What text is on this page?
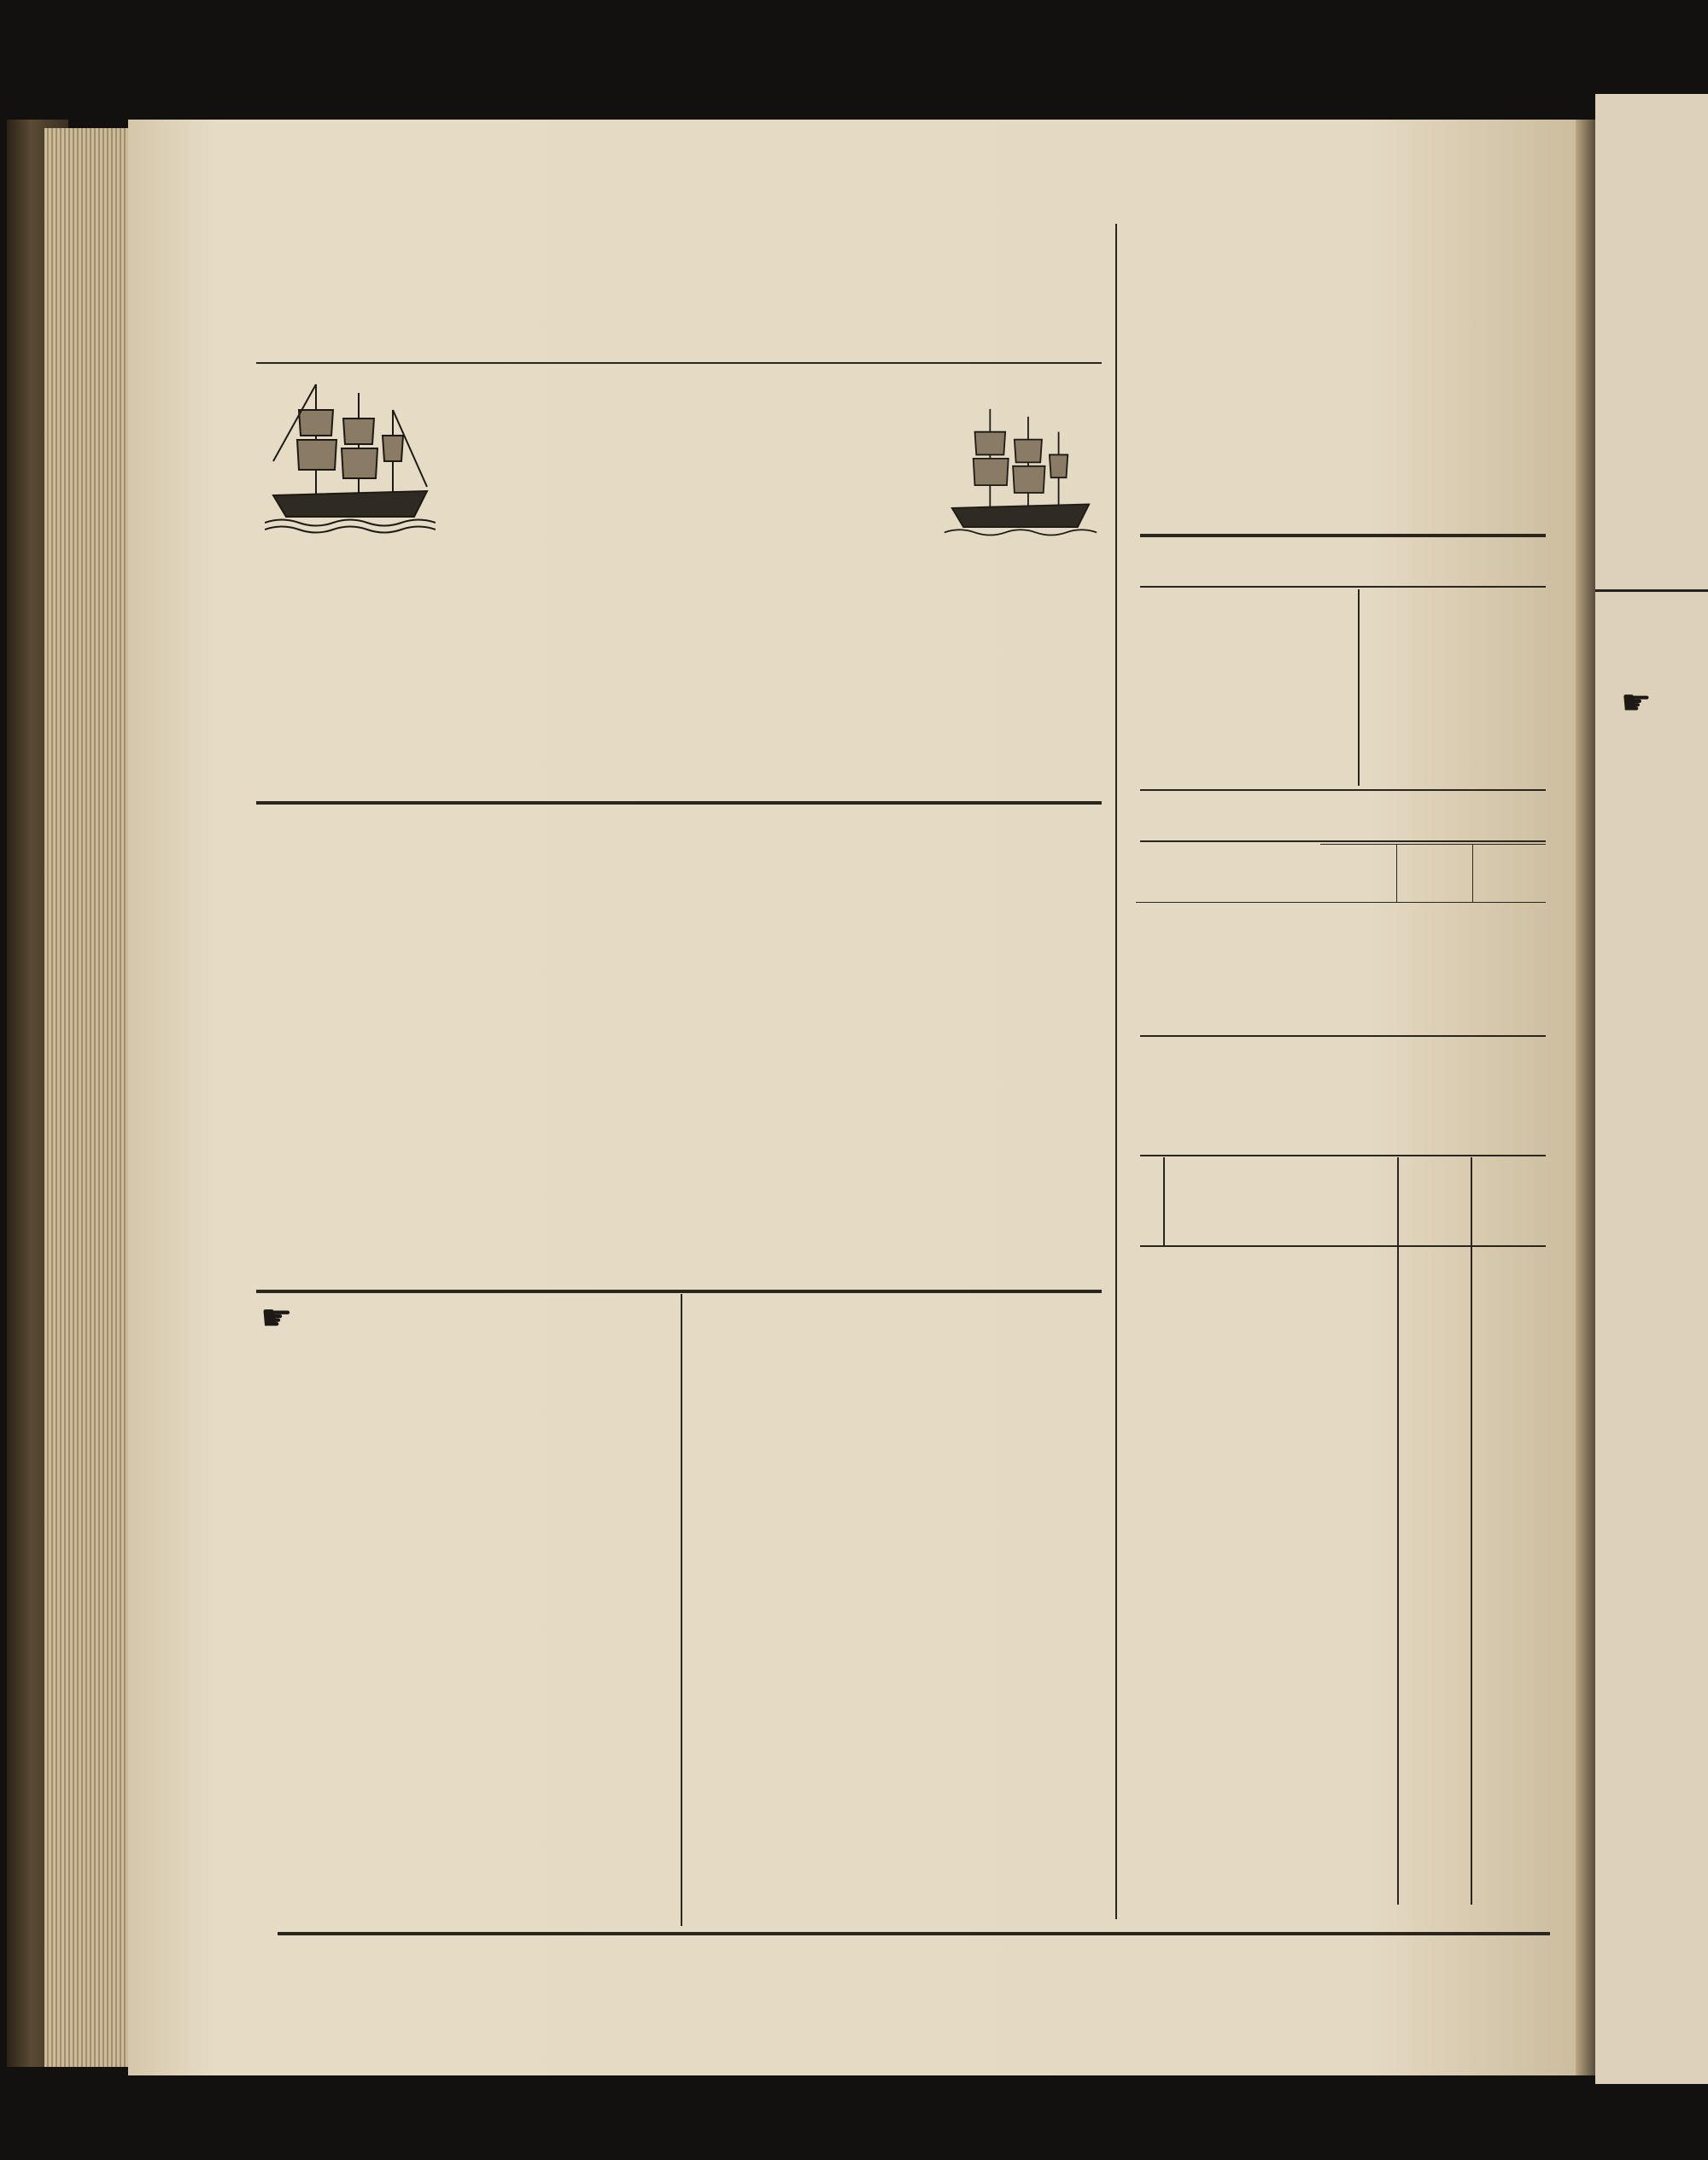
☛
☛
